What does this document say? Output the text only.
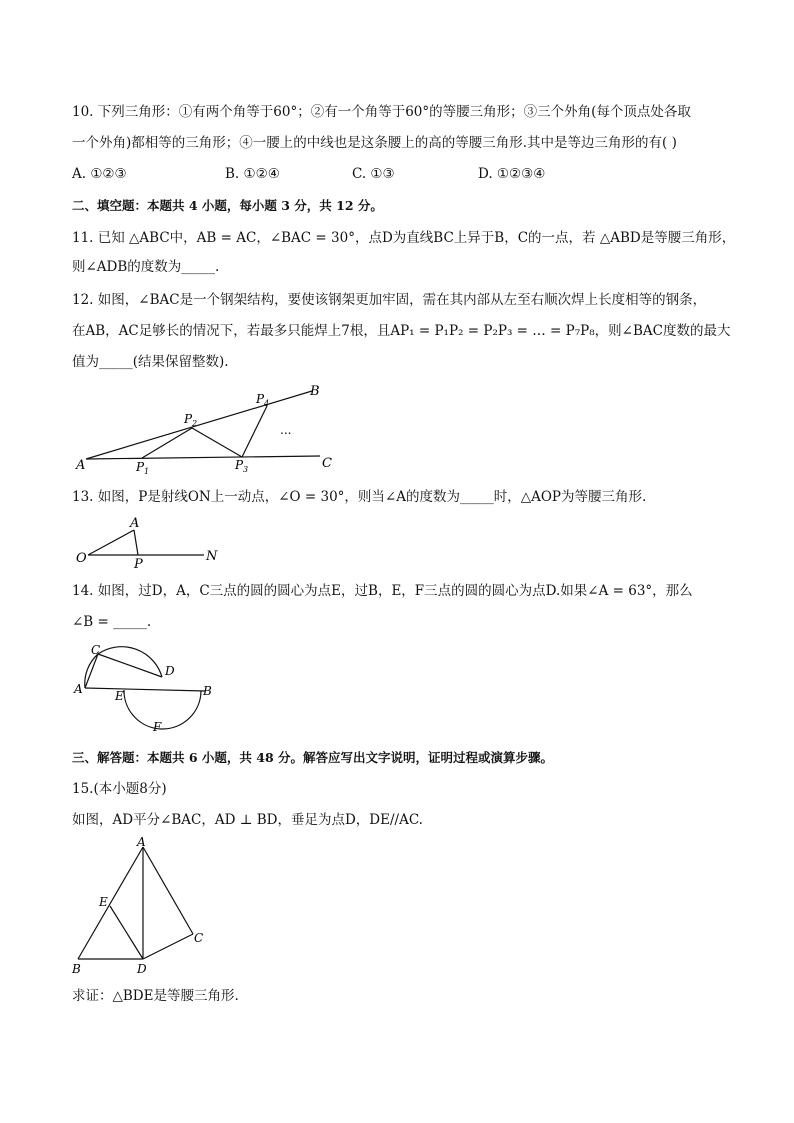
10. 下列三角形：①有两个角等于60°；②有一个角等于60°的等腰三角形；③三个外角(每个顶点处各取
一个外角)都相等的三角形；④一腰上的中线也是这条腰上的高的等腰三角形.其中是等边三角形的有( )
A. ①②③	B. ①②④	C. ①③	D. ①②③④
二、填空题：本题共 4 小题，每小题 3 分，共 12 分。
11. 已知 △ABC中，AB = AC，∠BAC = 30°，点D为直线BC上异于B，C的一点，若 △ABD是等腰三角形，
则∠ADB的度数为_____.
12. 如图，∠BAC是一个钢架结构，要使该钢架更加牢固，需在其内部从左至右顺次焊上长度相等的钢条，
在AB，AC足够长的情况下，若最多只能焊上7根，且AP₁ = P₁P₂ = P₂P₃ = … = P₇P₈，则∠BAC度数的最大
值为_____(结果保留整数).
A
B
C
P 1
P 2
P 3
P 4
...
13. 如图，P是射线ON上一动点，∠O = 30°，则当∠A的度数为_____时，△AOP为等腰三角形.
O
A
P
N
14. 如图，过D，A，C三点的圆的圆心为点E，过B，E，F三点的圆的圆心为点D.如果∠A = 63°，那么
∠B = _____.
A	B
C
D
E
F
三、解答题：本题共 6 小题，共 48 分。解答应写出文字说明，证明过程或演算步骤。
15.(本小题8分)
如图，AD平分∠BAC，AD ⊥ BD，垂足为点D，DE//AC.
A
B
C
D
E
求证：△BDE是等腰三角形.
